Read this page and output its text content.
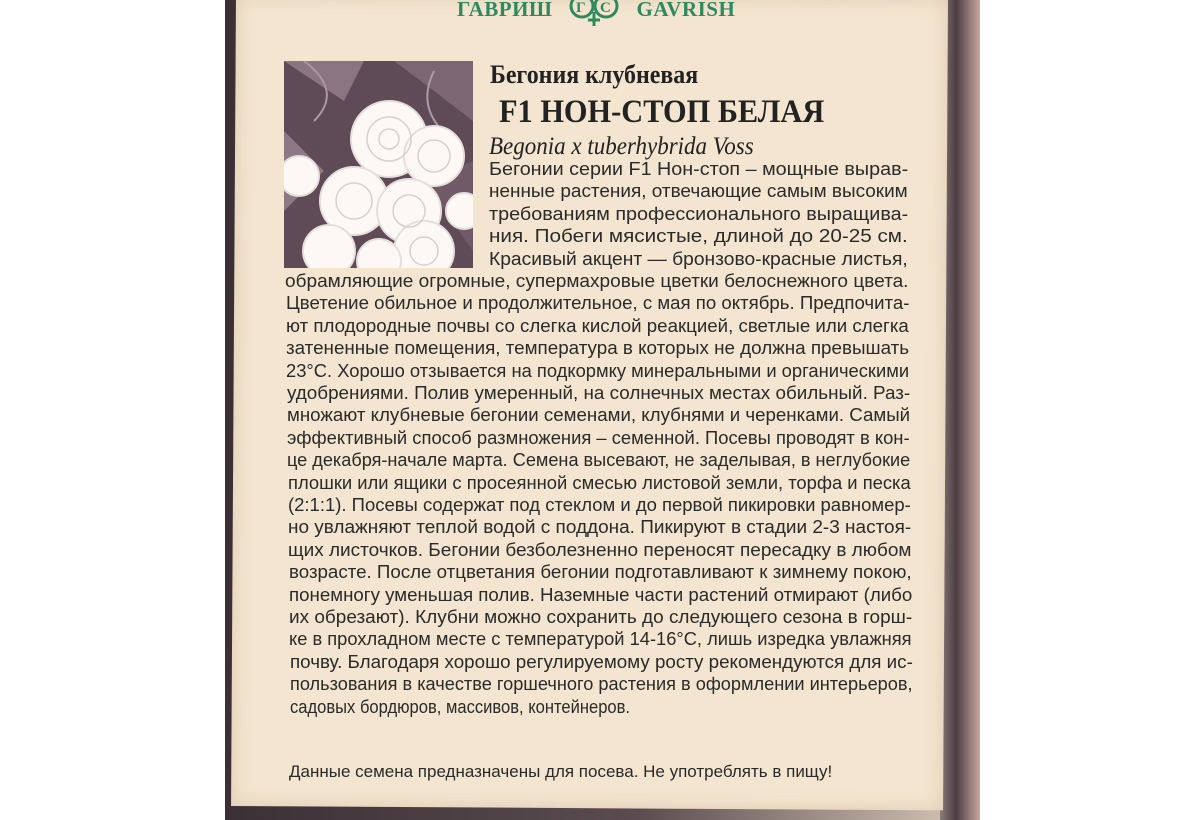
ГАВРИШ Г С GAVRISH
Бегония клубневая
F1 НОН-СТОП БЕЛАЯ
Begonia x tuberhybrida Voss
Бегонии серии F1 Нон-стоп – мощные вырав-
ненные растения, отвечающие самым высоким
требованиям профессионального выращива-
ния. Побеги мясистые, длиной до 20-25 см.
Красивый акцент — бронзово-красные листья,
обрамляющие огромные, супермахровые цветки белоснежного цвета.
Цветение обильное и продолжительное, с мая по октябрь. Предпочита-
ют плодородные почвы со слегка кислой реакцией, светлые или слегка
затененные помещения, температура в которых не должна превышать
23°С. Хорошо отзывается на подкормку минеральными и органическими
удобрениями. Полив умеренный, на солнечных местах обильный. Раз-
множают клубневые бегонии семенами, клубнями и черенками. Самый
эффективный способ размножения – семенной. Посевы проводят в кон-
це декабря-начале марта. Семена высевают, не заделывая, в неглубокие
плошки или ящики с просеянной смесью листовой земли, торфа и песка
(2:1:1). Посевы содержат под стеклом и до первой пикировки равномер-
но увлажняют теплой водой с поддона. Пикируют в стадии 2-3 настоя-
щих листочков. Бегонии безболезненно переносят пересадку в любом
возрасте. После отцветания бегонии подготавливают к зимнему покою,
понемногу уменьшая полив. Наземные части растений отмирают (либо
их обрезают). Клубни можно сохранить до следующего сезона в горш-
ке в прохладном месте с температурой 14-16°С, лишь изредка увлажняя
почву. Благодаря хорошо регулируемому росту рекомендуются для ис-
пользования в качестве горшечного растения в оформлении интерьеров,
садовых бордюров, массивов, контейнеров.
Данные семена предназначены для посева. Не употреблять в пищу!
